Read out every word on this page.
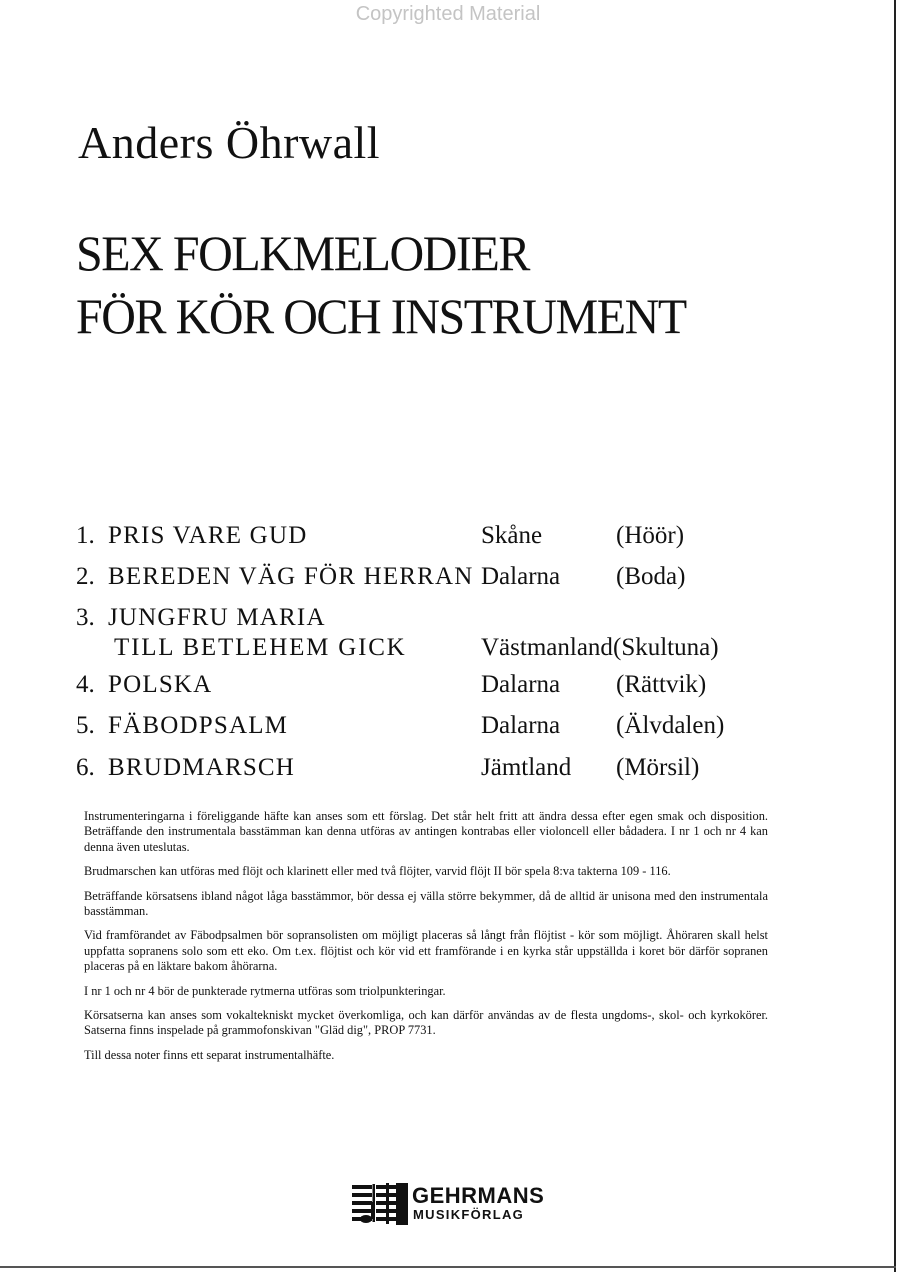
Copyrighted Material
Anders Öhrwall
SEX FOLKMELODIER
FÖR KÖR OCH INSTRUMENT
1. PRIS VARE GUD	Skåne	(Höör)
2. BEREDEN VÄG FÖR HERRAN Dalarna (Boda)
3. JUNGFRU MARIA
TILL BETLEHEM GICK	Västmanland (Skultuna)
4. POLSKA	Dalarna (Rättvik)
5. FÄBODPSALM	Dalarna (Älvdalen)
6. BRUDMARSCH	Jämtland (Mörsil)

Instrumenteringarna i föreliggande häfte kan anses som ett förslag. Det står helt fritt att ändra dessa efter egen smak och disposition. Beträffande den instrumentala basstämman kan denna utföras av antingen kontrabas eller violoncell eller bådadera. I nr 1 och nr 4 kan denna även uteslutas.

Brudmarschen kan utföras med flöjt och klarinett eller med två flöjter, varvid flöjt II bör spela 8:va takterna 109 - 116.

Beträffande körsatsens ibland något låga basstämmor, bör dessa ej välla större bekymmer, då de alltid är unisona med den instrumentala basstämman.

Vid framförandet av Fäbodpsalmen bör sopransolisten om möjligt placeras så långt från flöjtist - kör som möjligt. Åhöraren skall helst uppfatta sopranens solo som ett eko. Om t.ex. flöjtist och kör vid ett framförande i en kyrka står uppställda i koret bör därför sopranen placeras på en läktare bakom åhörarna.

I nr 1 och nr 4 bör de punkterade rytmerna utföras som triolpunkteringar.

Körsatserna kan anses som vokaltekniskt mycket överkomliga, och kan därför användas av de flesta ungdoms-, skol- och kyrkokörer. Satserna finns inspelade på grammofonskivan "Gläd dig", PROP 7731.

Till dessa noter finns ett separat instrumentalhäfte.

GEHRMANS
MUSIKFÖRLAG
